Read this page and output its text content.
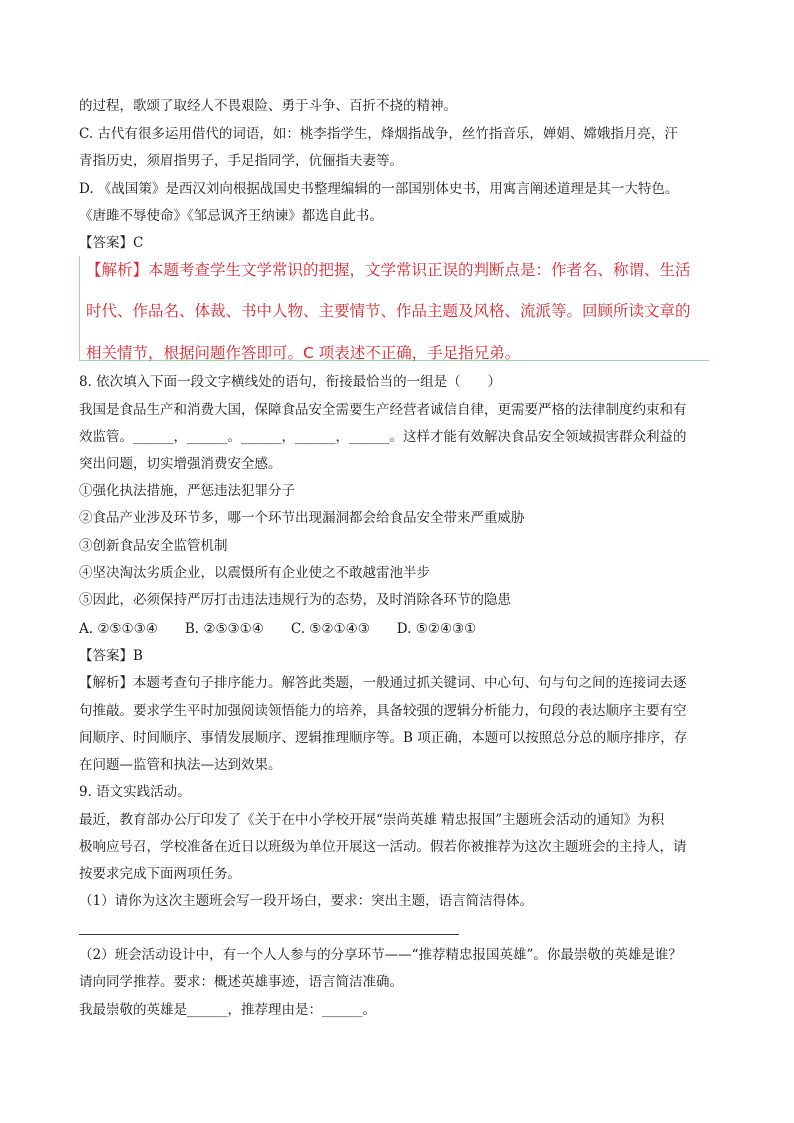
的过程，歌颂了取经人不畏艰险、勇于斗争、百折不挠的精神。
C. 古代有很多运用借代的词语，如：桃李指学生，烽烟指战争，丝竹指音乐，婵娟、嫦娥指月亮，汗
青指历史，须眉指男子，手足指同学，伉俪指夫妻等。
D. 《战国策》是西汉刘向根据战国史书整理编辑的一部国别体史书，用寓言阐述道理是其一大特色。
《唐雎不辱使命》《邹忌讽齐王纳谏》都选自此书。
【答案】C
【解析】本题考查学生文学常识的把握，文学常识正误的判断点是：作者名、称谓、生活
时代、作品名、体裁、书中人物、主要情节、作品主题及风格、流派等。回顾所读文章的
相关情节，根据问题作答即可。C 项表述不正确，手足指兄弟。
8. 依次填入下面一段文字横线处的语句，衔接最恰当的一组是（　　）
我国是食品生产和消费大国，保障食品安全需要生产经营者诚信自律，更需要严格的法律制度约束和有
效监管。______，______。______，______，______。这样才能有效解决食品安全领域损害群众利益的
突出问题，切实增强消费安全感。
①强化执法措施，严惩违法犯罪分子
②食品产业涉及环节多，哪一个环节出现漏洞都会给食品安全带来严重威胁
③创新食品安全监管机制
④坚决淘汰劣质企业，以震慑所有企业使之不敢越雷池半步
⑤因此，必须保持严厉打击违法违规行为的态势，及时消除各环节的隐患
A. ②⑤①③④　　B. ②⑤③①④　　C. ⑤②①④③　　D. ⑤②④③①
【答案】B
【解析】本题考查句子排序能力。解答此类题，一般通过抓关键词、中心句、句与句之间的连接词去逐
句推敲。要求学生平时加强阅读领悟能力的培养，具备较强的逻辑分析能力，句段的表达顺序主要有空
间顺序、时间顺序、事情发展顺序、逻辑推理顺序等。B 项正确，本题可以按照总分总的顺序排序，存
在问题—监管和执法—达到效果。
9. 语文实践活动。
最近，教育部办公厅印发了《关于在中小学校开展“崇尚英雄 精忠报国”主题班会活动的通知》为积
极响应号召，学校准备在近日以班级为单位开展这一活动。假若你被推荐为这次主题班会的主持人，请
按要求完成下面两项任务。
（1）请你为这次主题班会写一段开场白，要求：突出主题，语言简洁得体。
（2）班会活动设计中，有一个人人参与的分享环节——“推荐精忠报国英雄”。你最崇敬的英雄是谁？
请向同学推荐。要求：概述英雄事迹，语言简洁准确。
我最崇敬的英雄是______，推荐理由是：______。
